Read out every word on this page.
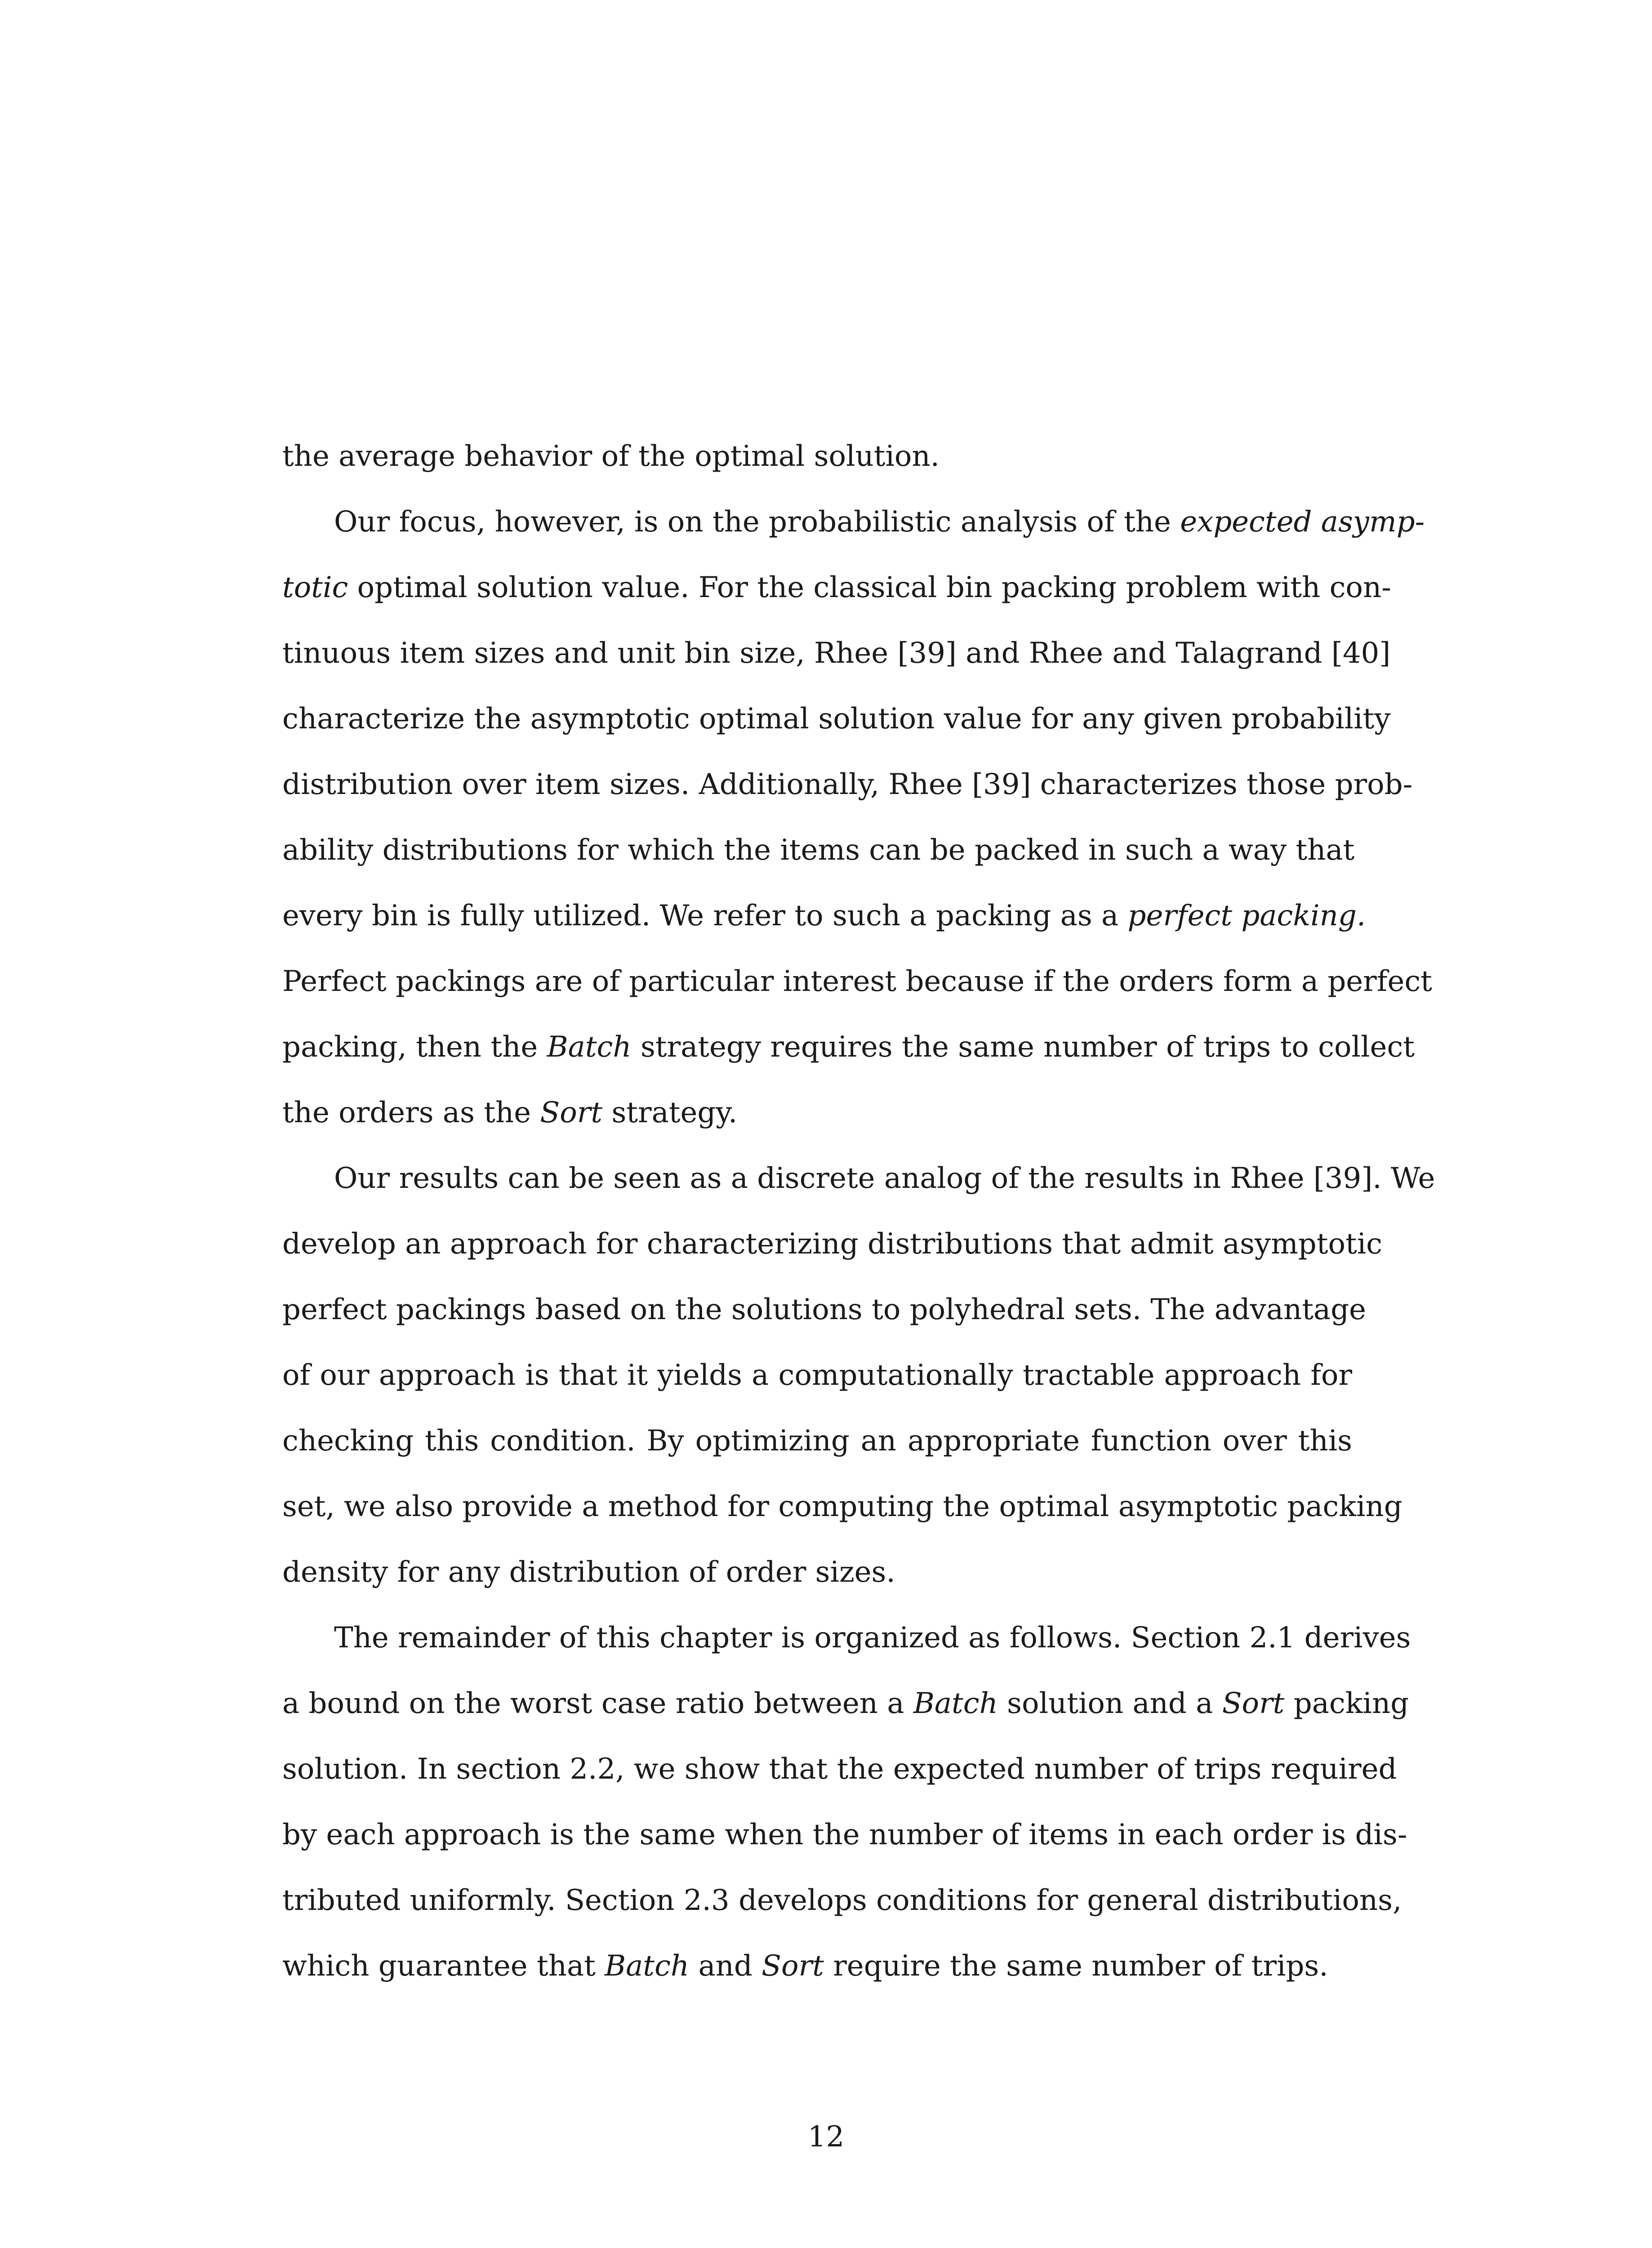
the average behavior of the optimal solution.
Our focus, however, is on the probabilistic analysis of the expected asymp-
totic optimal solution value. For the classical bin packing problem with con-
tinuous item sizes and unit bin size, Rhee [39] and Rhee and Talagrand [40]
characterize the asymptotic optimal solution value for any given probability
distribution over item sizes. Additionally, Rhee [39] characterizes those prob-
ability distributions for which the items can be packed in such a way that
every bin is fully utilized. We refer to such a packing as a perfect packing.
Perfect packings are of particular interest because if the orders form a perfect
packing, then the Batch strategy requires the same number of trips to collect
the orders as the Sort strategy.
Our results can be seen as a discrete analog of the results in Rhee [39]. We
develop an approach for characterizing distributions that admit asymptotic
perfect packings based on the solutions to polyhedral sets. The advantage
of our approach is that it yields a computationally tractable approach for
checking this condition. By optimizing an appropriate function over this
set, we also provide a method for computing the optimal asymptotic packing
density for any distribution of order sizes.
The remainder of this chapter is organized as follows. Section 2.1 derives
a bound on the worst case ratio between a Batch solution and a Sort packing
solution. In section 2.2, we show that the expected number of trips required
by each approach is the same when the number of items in each order is dis-
tributed uniformly. Section 2.3 develops conditions for general distributions,
which guarantee that Batch and Sort require the same number of trips.
12
